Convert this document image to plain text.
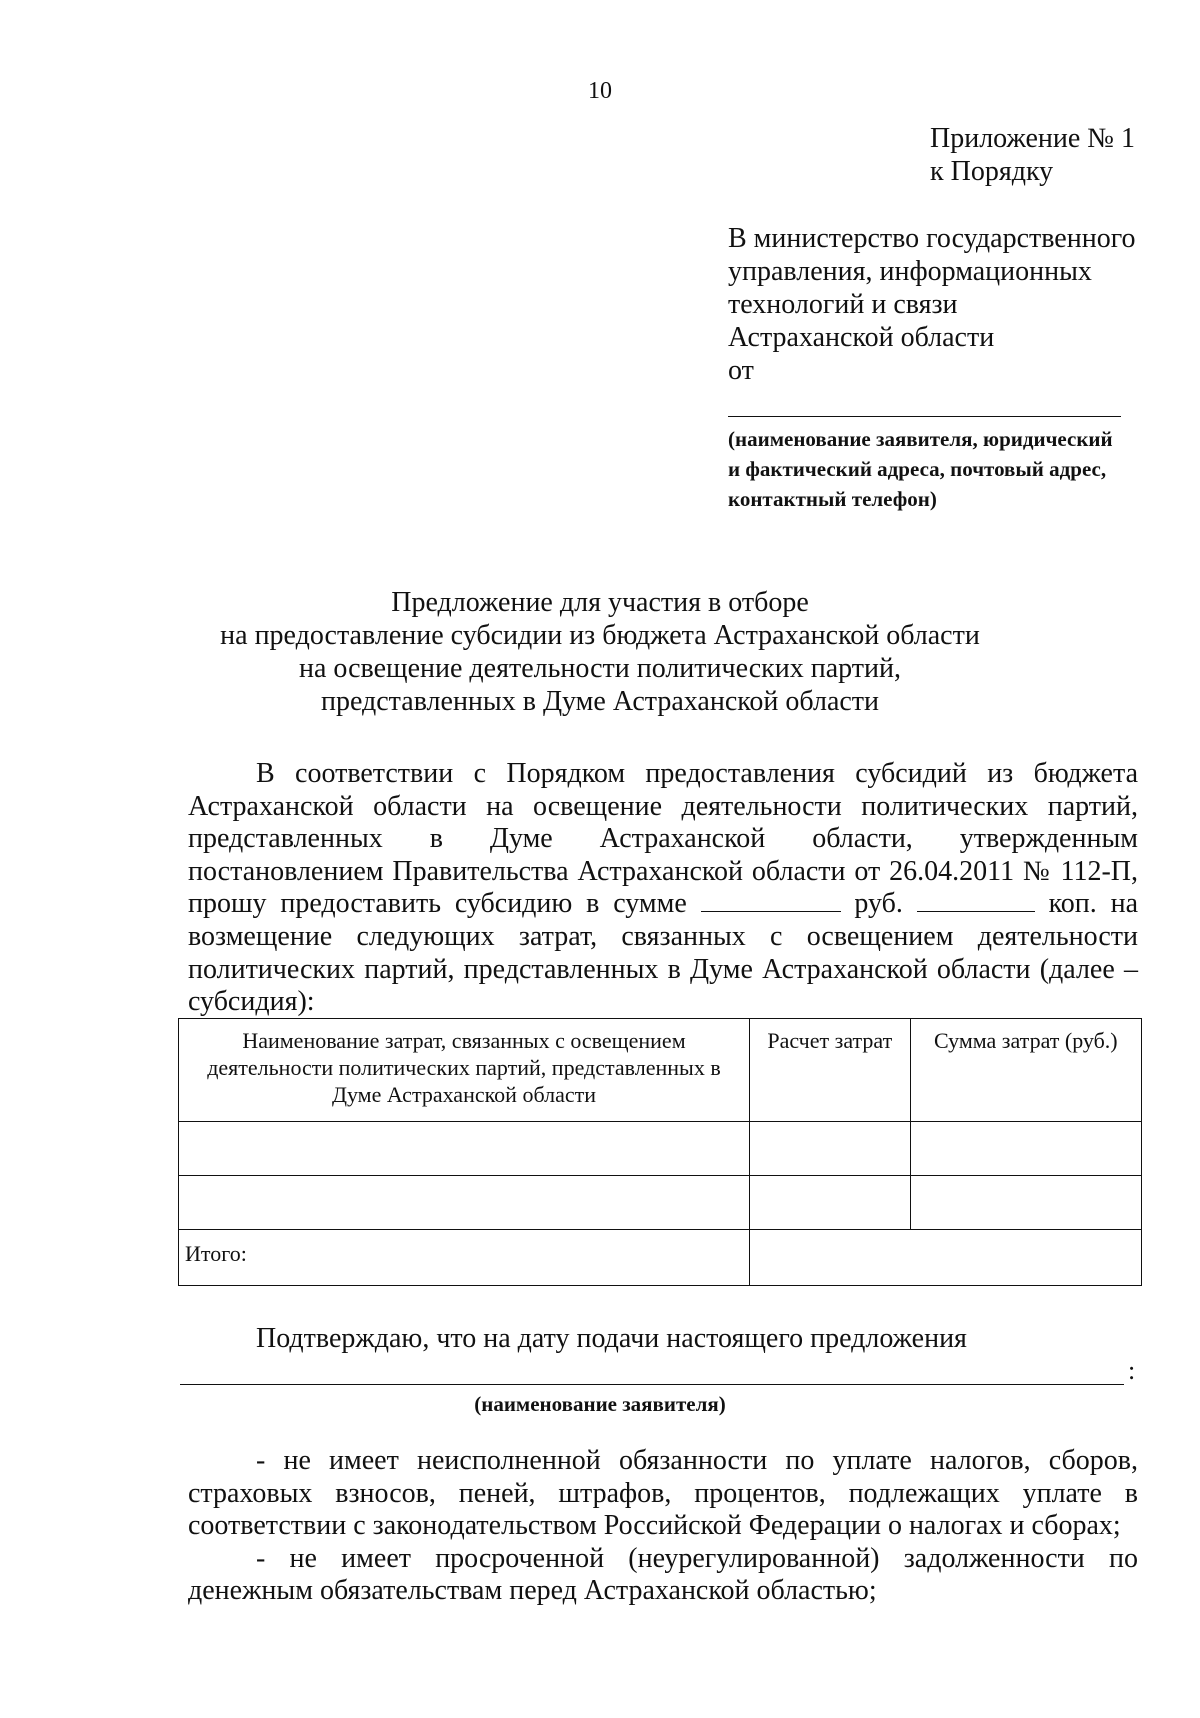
10
Приложение № 1
к Порядку
В министерство государственного
управления, информационных
технологий и связи
Астраханской области
от
(наименование заявителя, юридический
и фактический адреса, почтовый адрес,
контактный телефон)
Предложение для участия в отборе
на предоставление субсидии из бюджета Астраханской области
на освещение деятельности политических партий,
представленных в Думе Астраханской области
В соответствии с Порядком предоставления субсидий из бюджета Астраханской области на освещение деятельности политических партий, представленных в Думе Астраханской области, утвержденным постановлением Правительства Астраханской области от 26.04.2011 № 112-П, прошу предоставить субсидию в сумме	руб.	коп. на возмещение следующих затрат, связанных с освещением деятельности политических партий, представленных в Думе Астраханской области (далее – субсидия):
Наименование затрат, связанных с освещением деятельности политических партий, представленных в Думе Астраханской области	Расчет затрат	Сумма затрат (руб.)

Итого:		
Подтверждаю, что на дату подачи настоящего предложения
:
(наименование заявителя)

- не имеет неисполненной обязанности по уплате налогов, сборов, страховых взносов, пеней, штрафов, процентов, подлежащих уплате в соответствии с законодательством Российской Федерации о налогах и сборах;

- не имеет просроченной (неурегулированной) задолженности по денежным обязательствам перед Астраханской областью;
